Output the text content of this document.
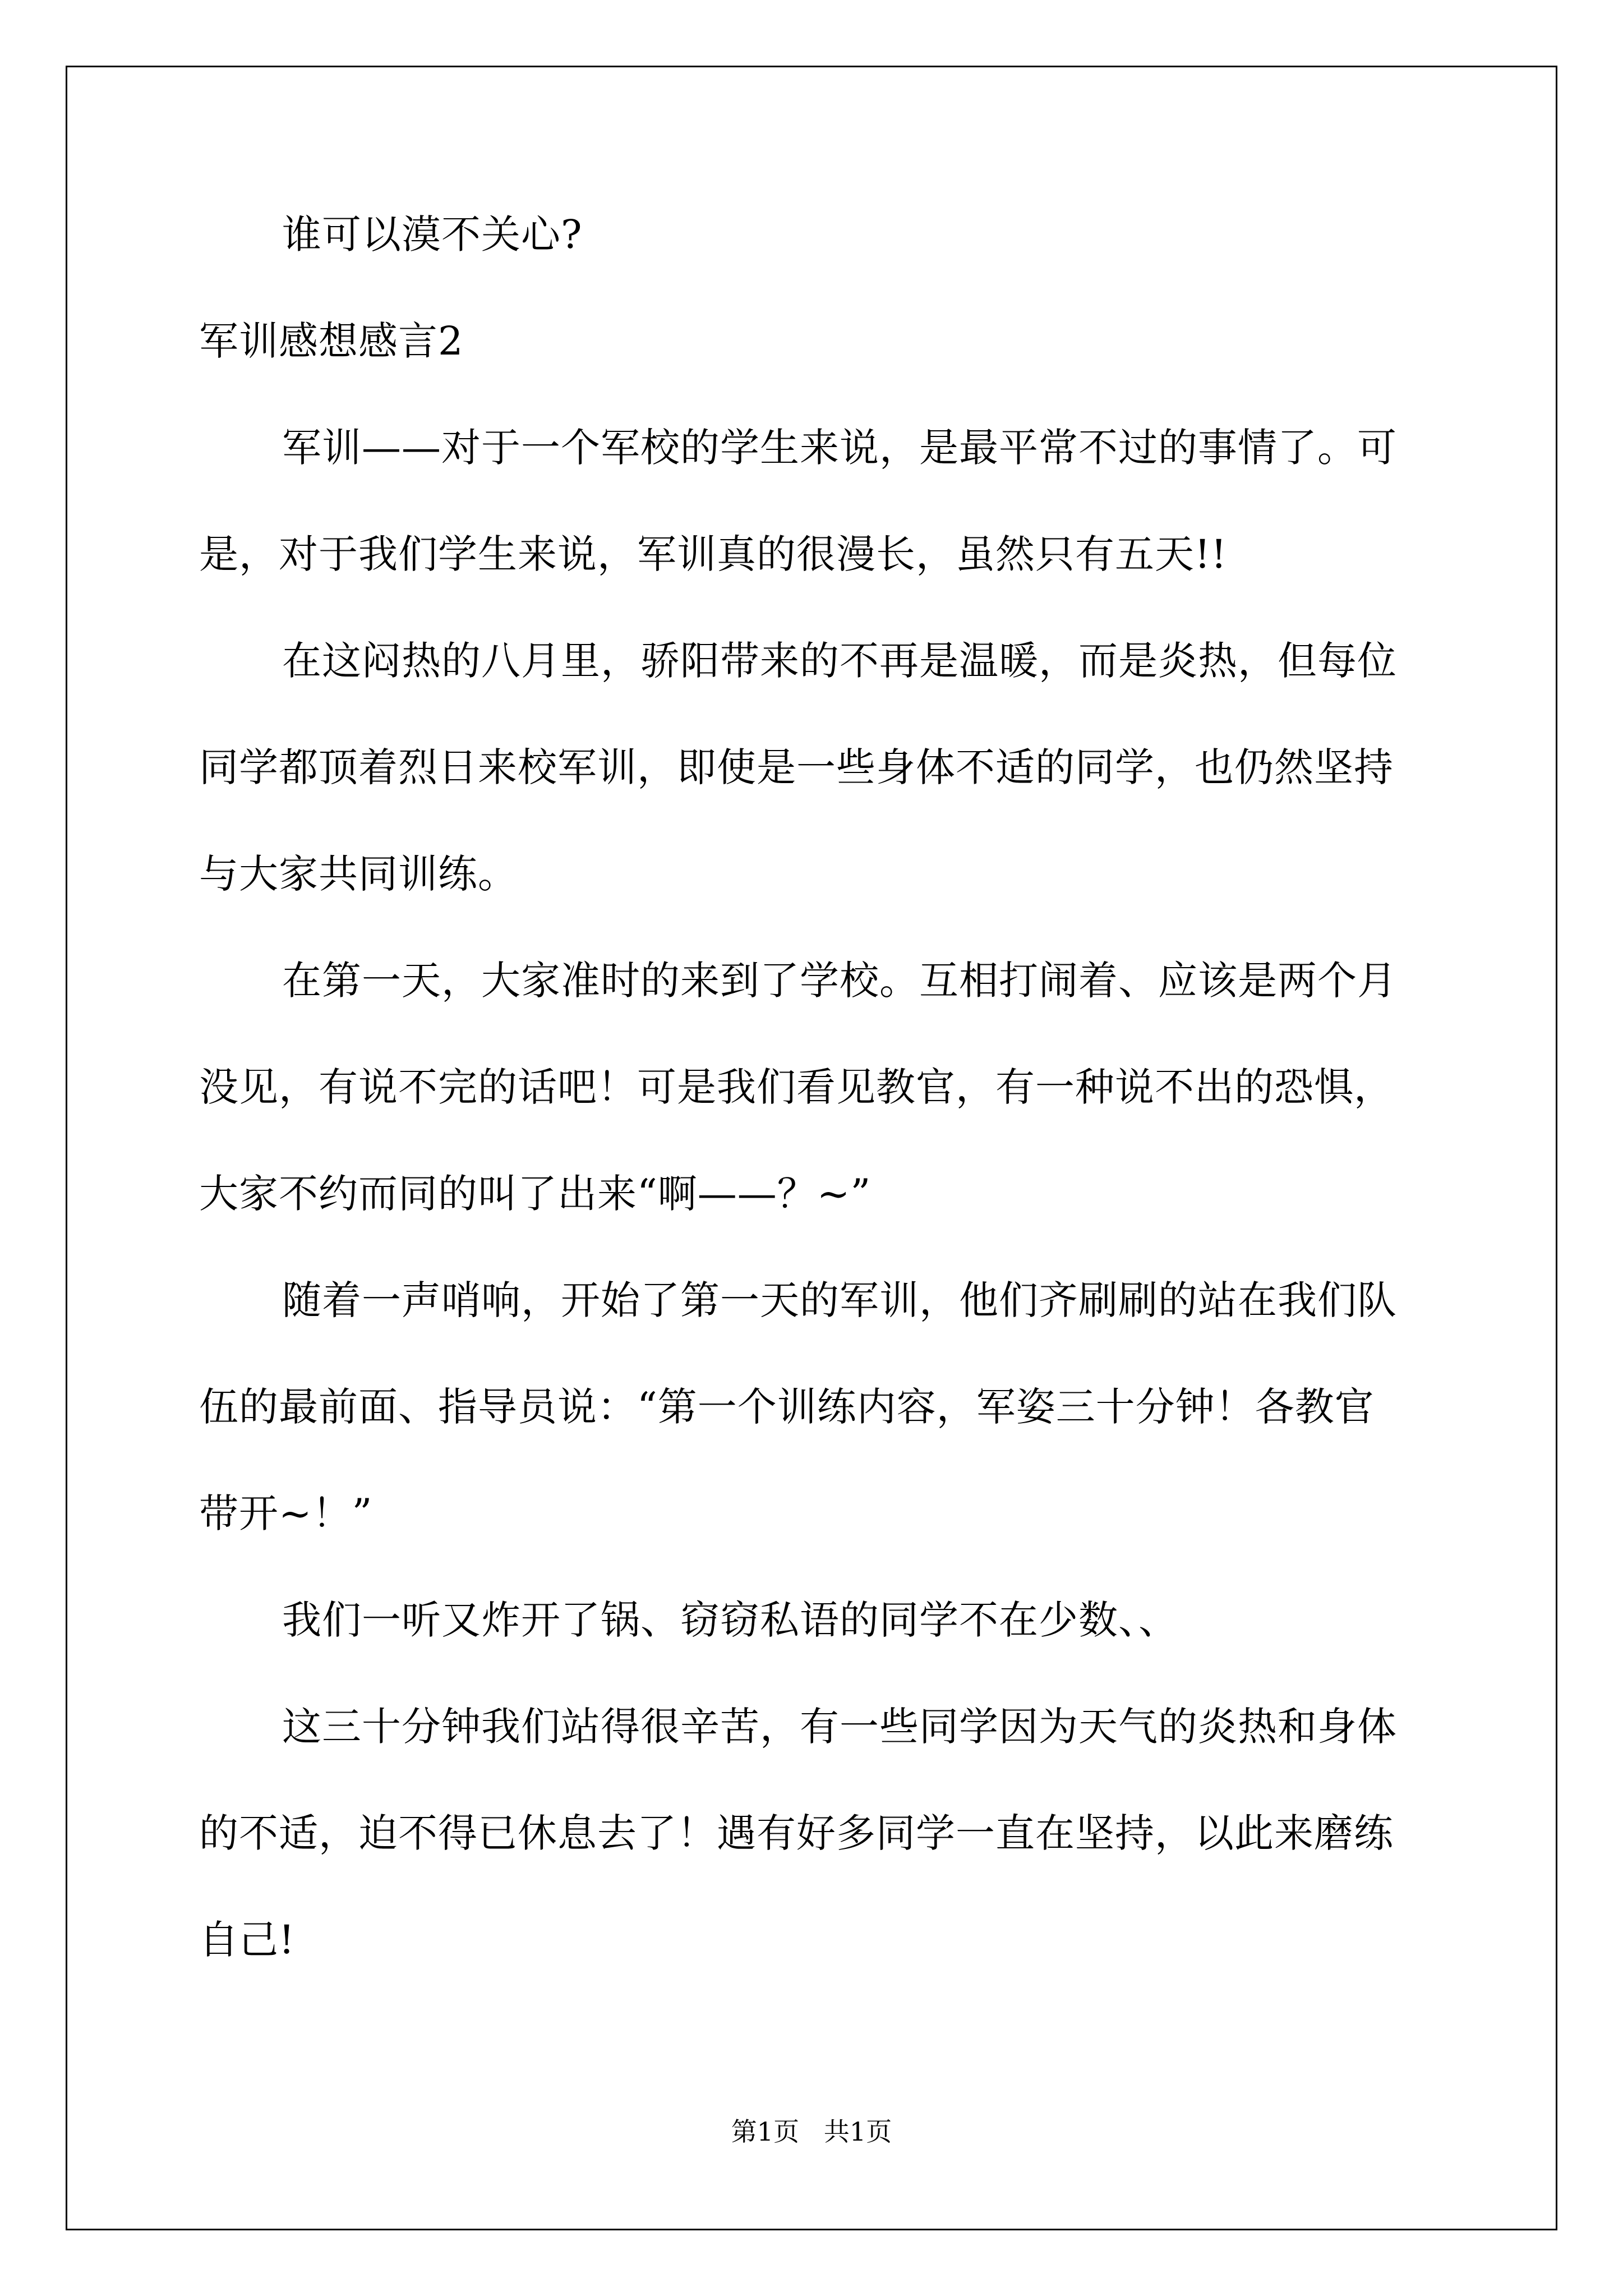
谁可以漠不关心?
军训感想感言2
军训——对于一个军校的学生来说，是最平常不过的事情了。可
是，对于我们学生来说，军训真的很漫长，虽然只有五天!!
在这闷热的八月里，骄阳带来的不再是温暖，而是炎热，但每位
同学都顶着烈日来校军训，即使是一些身体不适的同学，也仍然坚持
与大家共同训练。
在第一天，大家准时的来到了学校。互相打闹着、应该是两个月
没见，有说不完的话吧！可是我们看见教官，有一种说不出的恐惧，
大家不约而同的叫了出来“啊——？~”
随着一声哨响，开始了第一天的军训，他们齐刷刷的站在我们队
伍的最前面、指导员说：“第一个训练内容，军姿三十分钟！各教官
带开~！”
我们一听又炸开了锅、窃窃私语的同学不在少数、、
这三十分钟我们站得很辛苦，有一些同学因为天气的炎热和身体
的不适，迫不得已休息去了！遇有好多同学一直在坚持，以此来磨练
自己!
第1页   共1页
